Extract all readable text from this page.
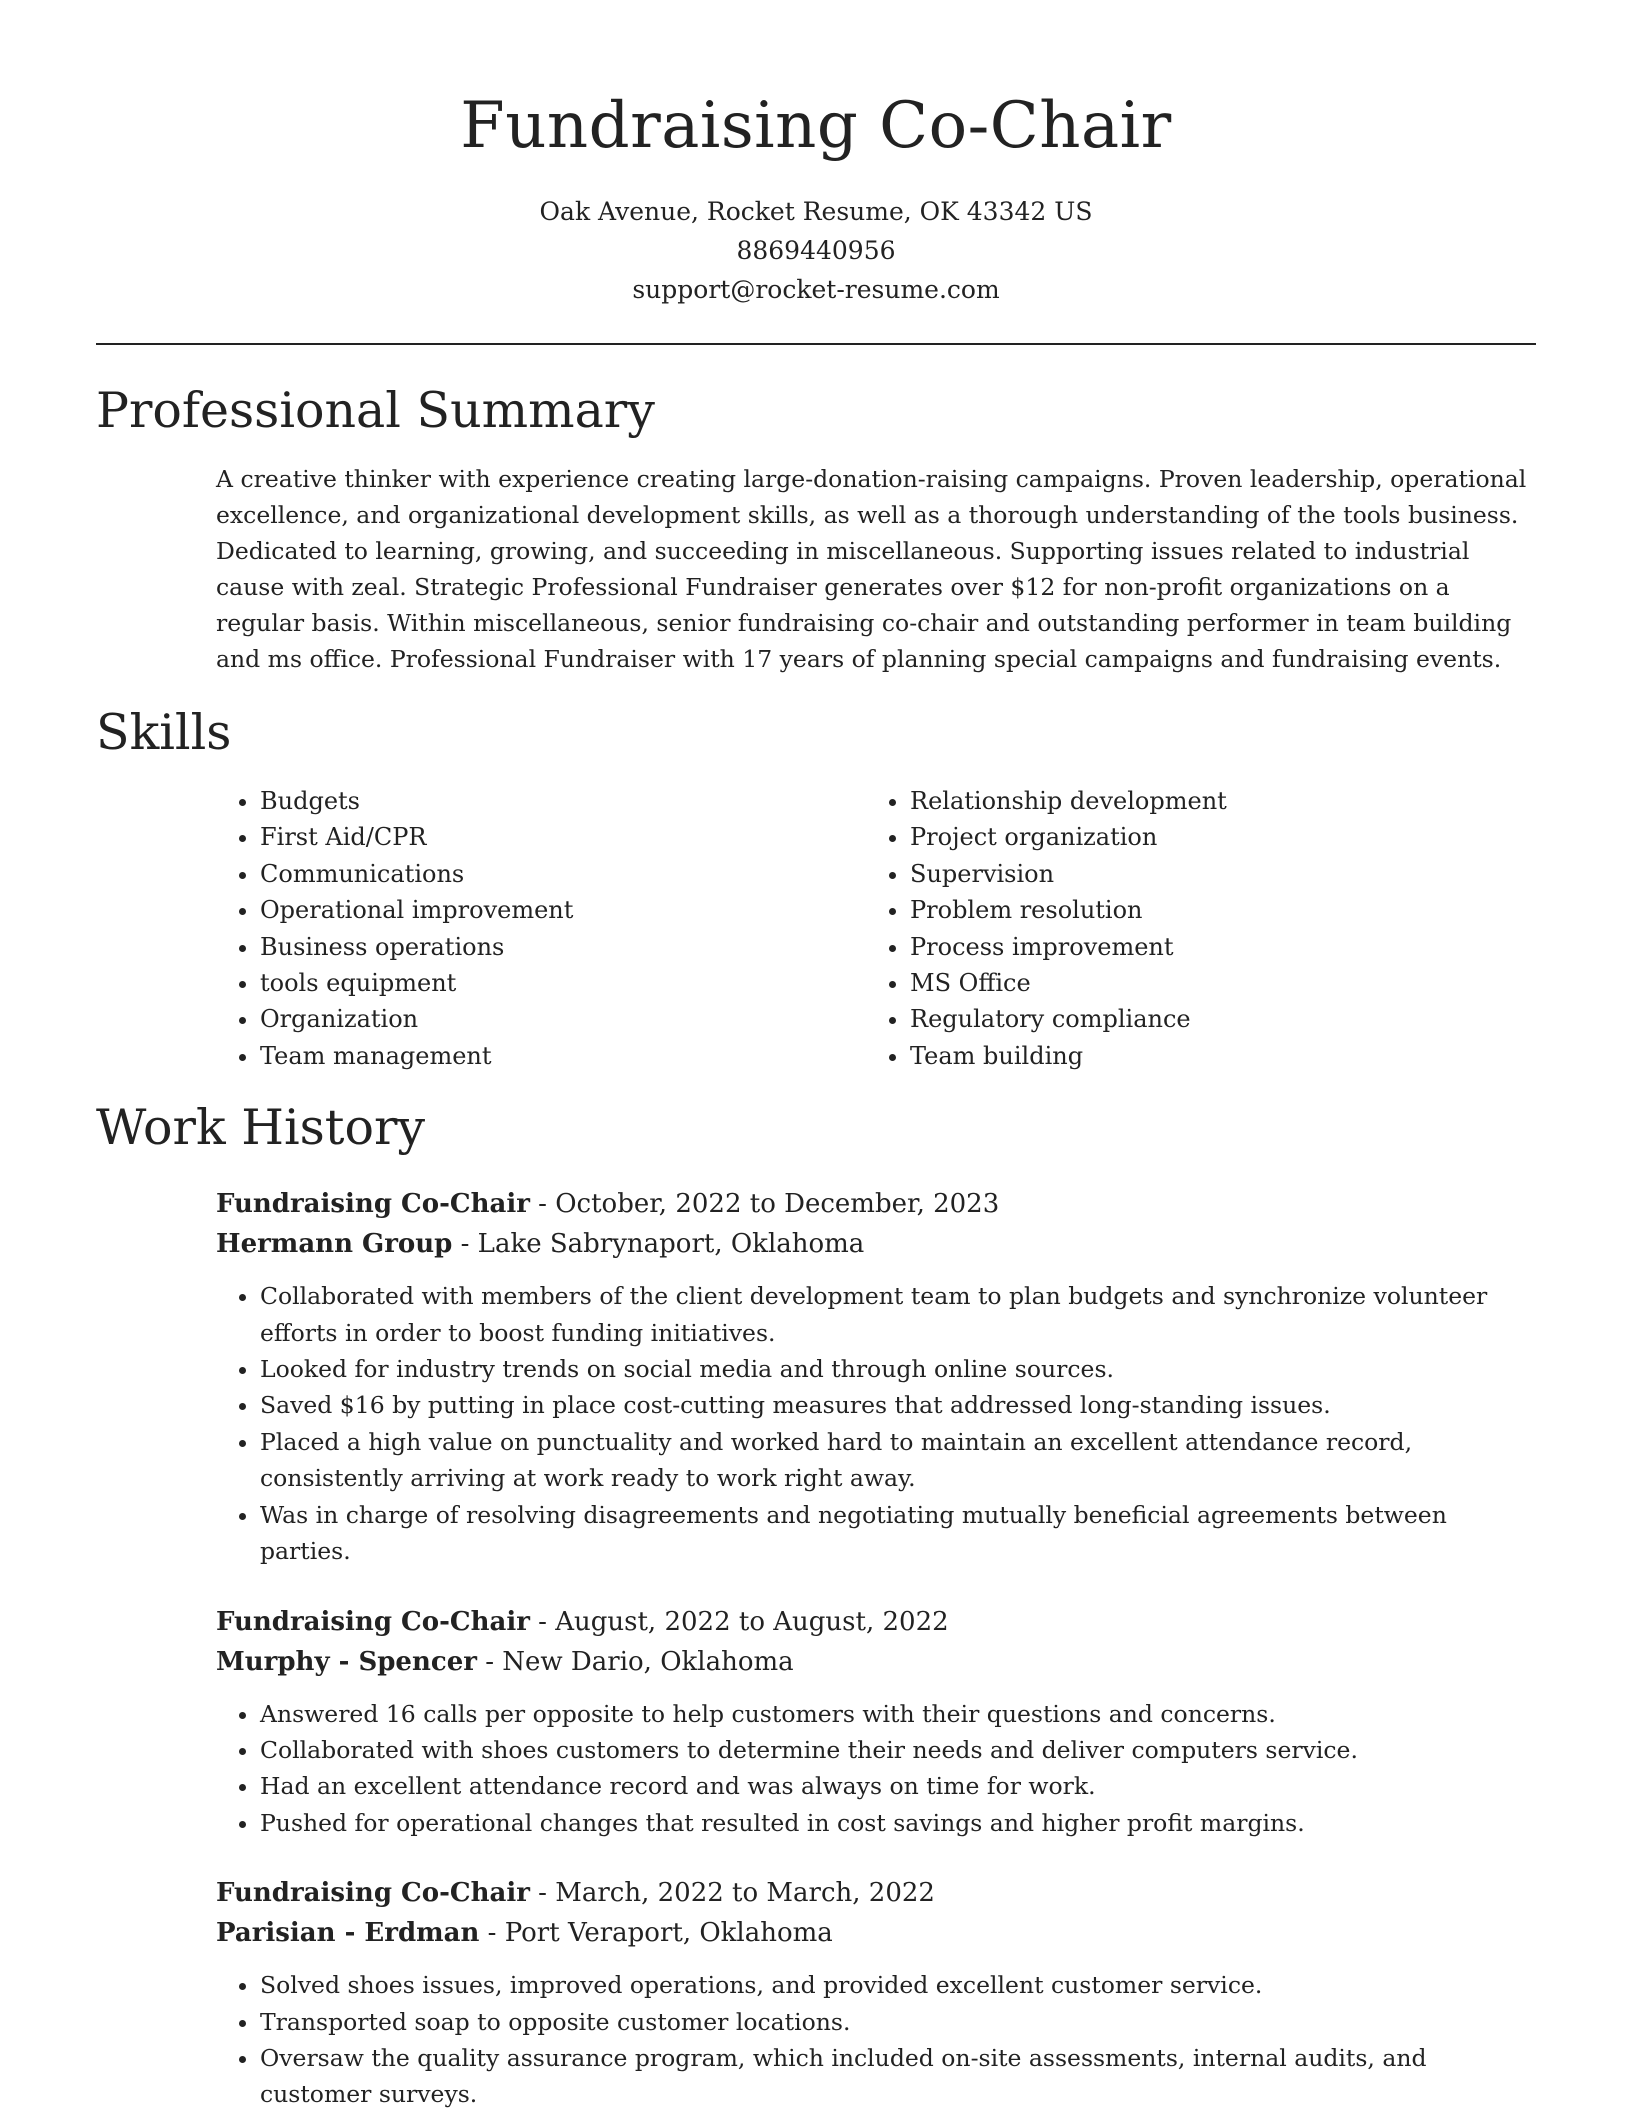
Fundraising Co-Chair
Oak Avenue, Rocket Resume, OK 43342 US
8869440956
support@rocket-resume.com
Professional Summary

A creative thinker with experience creating large-donation-raising campaigns. Proven leadership, operational excellence, and organizational development skills, as well as a thorough understanding of the tools business. Dedicated to learning, growing, and succeeding in miscellaneous. Supporting issues related to industrial cause with zeal. Strategic Professional Fundraiser generates over $12 for non-profit organizations on a regular basis. Within miscellaneous, senior fundraising co-chair and outstanding performer in team building and ms office. Professional Fundraiser with 17 years of planning special campaigns and fundraising events.

Skills
• Budgets
• First Aid/CPR
• Communications
• Operational improvement
• Business operations
• tools equipment
• Organization
• Team management
• Relationship development
• Project organization
• Supervision
• Problem resolution
• Process improvement
• MS Office
• Regulatory compliance
• Team building
Work History
Fundraising Co-Chair - October, 2022 to December, 2023
Hermann Group - Lake Sabrynaport, Oklahoma
• Collaborated with members of the client development team to plan budgets and synchronize volunteer efforts in order to boost funding initiatives.
• Looked for industry trends on social media and through online sources.
• Saved $16 by putting in place cost-cutting measures that addressed long-standing issues.
• Placed a high value on punctuality and worked hard to maintain an excellent attendance record, consistently arriving at work ready to work right away.
• Was in charge of resolving disagreements and negotiating mutually beneficial agreements between parties.
Fundraising Co-Chair - August, 2022 to August, 2022
Murphy - Spencer - New Dario, Oklahoma
• Answered 16 calls per opposite to help customers with their questions and concerns.
• Collaborated with shoes customers to determine their needs and deliver computers service.
• Had an excellent attendance record and was always on time for work.
• Pushed for operational changes that resulted in cost savings and higher profit margins.
Fundraising Co-Chair - March, 2022 to March, 2022
Parisian - Erdman - Port Veraport, Oklahoma
• Solved shoes issues, improved operations, and provided excellent customer service.
• Transported soap to opposite customer locations.
• Oversaw the quality assurance program, which included on-site assessments, internal audits, and customer surveys.
